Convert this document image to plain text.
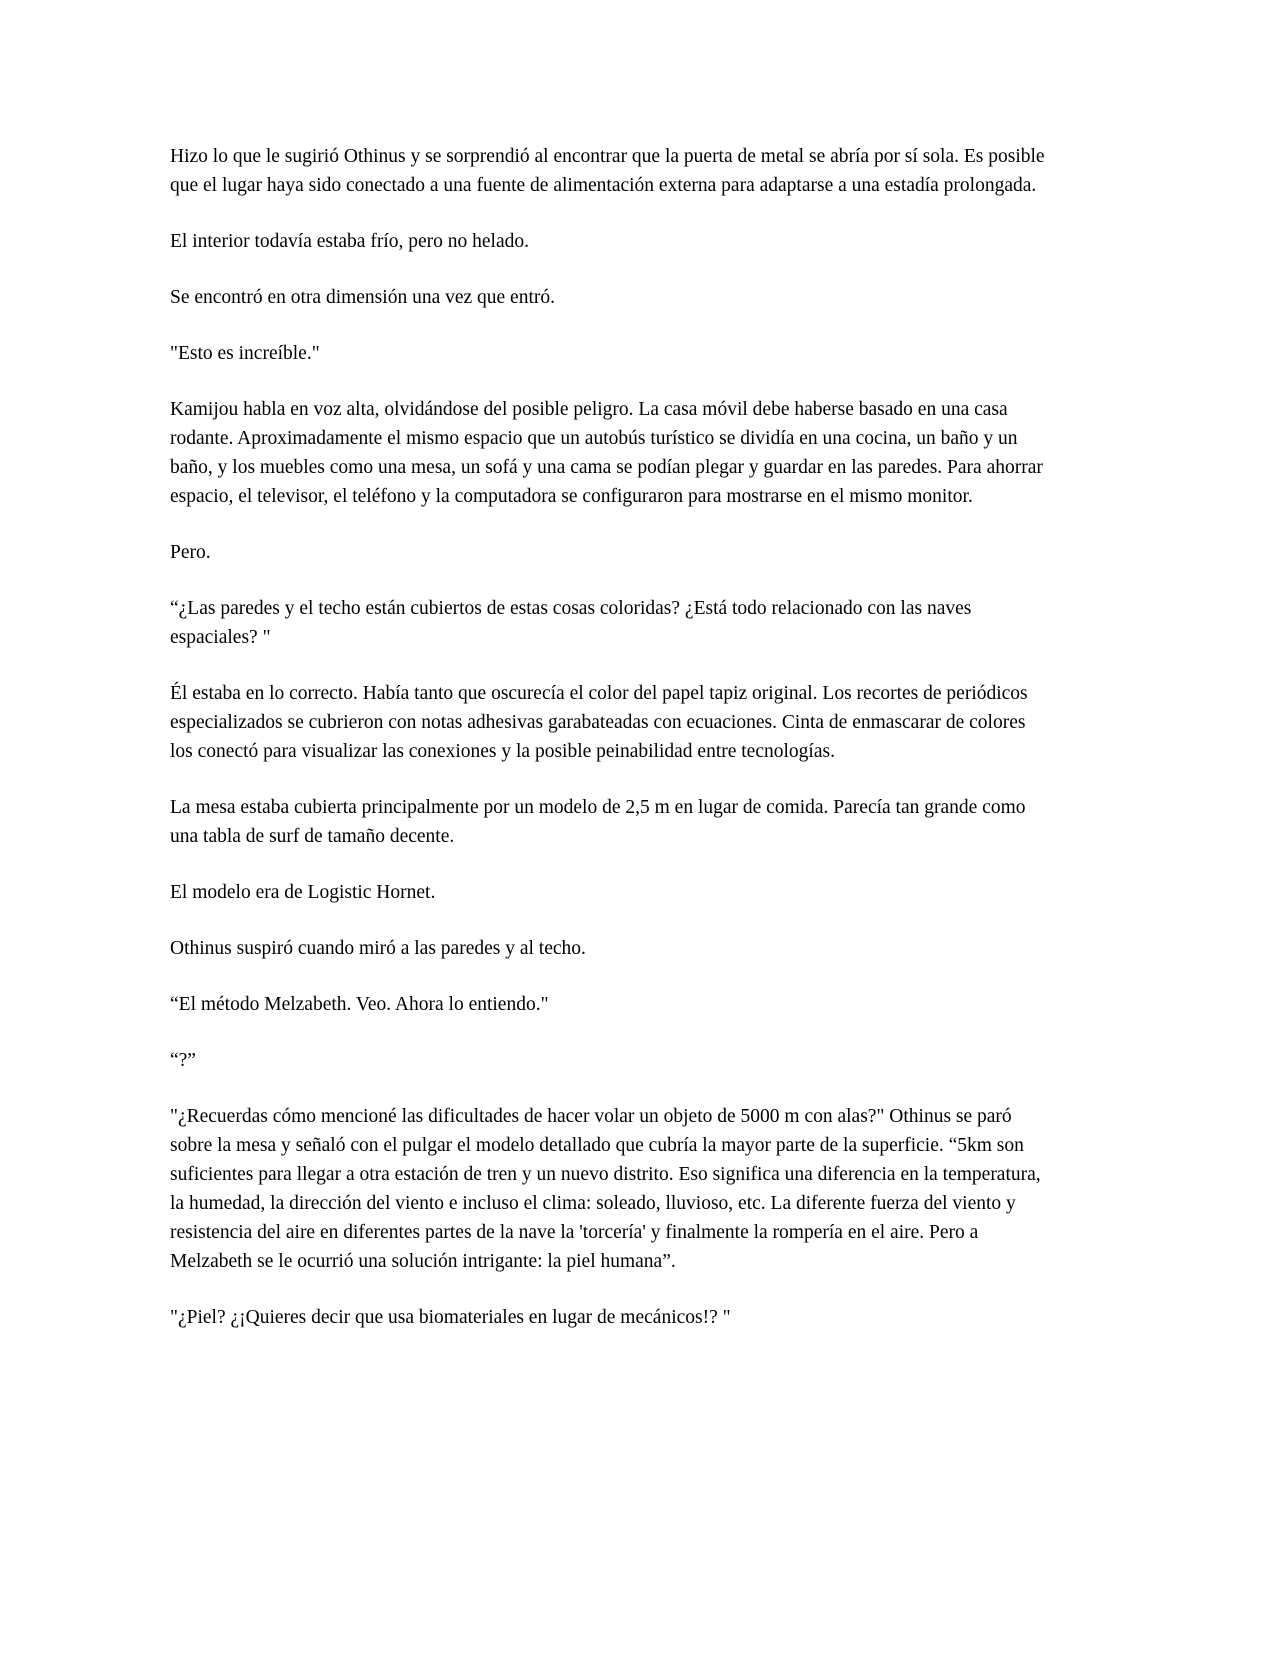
Hizo lo que le sugirió Othinus y se sorprendió al encontrar que la puerta de metal se abría por sí sola. Es posible que el lugar haya sido conectado a una fuente de alimentación externa para adaptarse a una estadía prolongada.

El interior todavía estaba frío, pero no helado.

Se encontró en otra dimensión una vez que entró.

"Esto es increíble."

Kamijou habla en voz alta, olvidándose del posible peligro. La casa móvil debe haberse basado en una casa rodante. Aproximadamente el mismo espacio que un autobús turístico se dividía en una cocina, un baño y un baño, y los muebles como una mesa, un sofá y una cama se podían plegar y guardar en las paredes. Para ahorrar espacio, el televisor, el teléfono y la computadora se configuraron para mostrarse en el mismo monitor.

Pero.

“¿Las paredes y el techo están cubiertos de estas cosas coloridas? ¿Está todo relacionado con las naves espaciales? "

Él estaba en lo correcto. Había tanto que oscurecía el color del papel tapiz original. Los recortes de periódicos especializados se cubrieron con notas adhesivas garabateadas con ecuaciones. Cinta de enmascarar de colores los conectó para visualizar las conexiones y la posible peinabilidad entre tecnologías.

La mesa estaba cubierta principalmente por un modelo de 2,5 m en lugar de comida. Parecía tan grande como una tabla de surf de tamaño decente.

El modelo era de Logistic Hornet.

Othinus suspiró cuando miró a las paredes y al techo.

“El método Melzabeth. Veo. Ahora lo entiendo."

“?”

"¿Recuerdas cómo mencioné las dificultades de hacer volar un objeto de 5000 m con alas?" Othinus se paró sobre la mesa y señaló con el pulgar el modelo detallado que cubría la mayor parte de la superficie. “5km son suficientes para llegar a otra estación de tren y un nuevo distrito. Eso significa una diferencia en la temperatura, la humedad, la dirección del viento e incluso el clima: soleado, lluvioso, etc. La diferente fuerza del viento y resistencia del aire en diferentes partes de la nave la 'torcería' y finalmente la rompería en el aire. Pero a Melzabeth se le ocurrió una solución intrigante: la piel humana”.

"¿Piel? ¿¡Quieres decir que usa biomateriales en lugar de mecánicos!? "
